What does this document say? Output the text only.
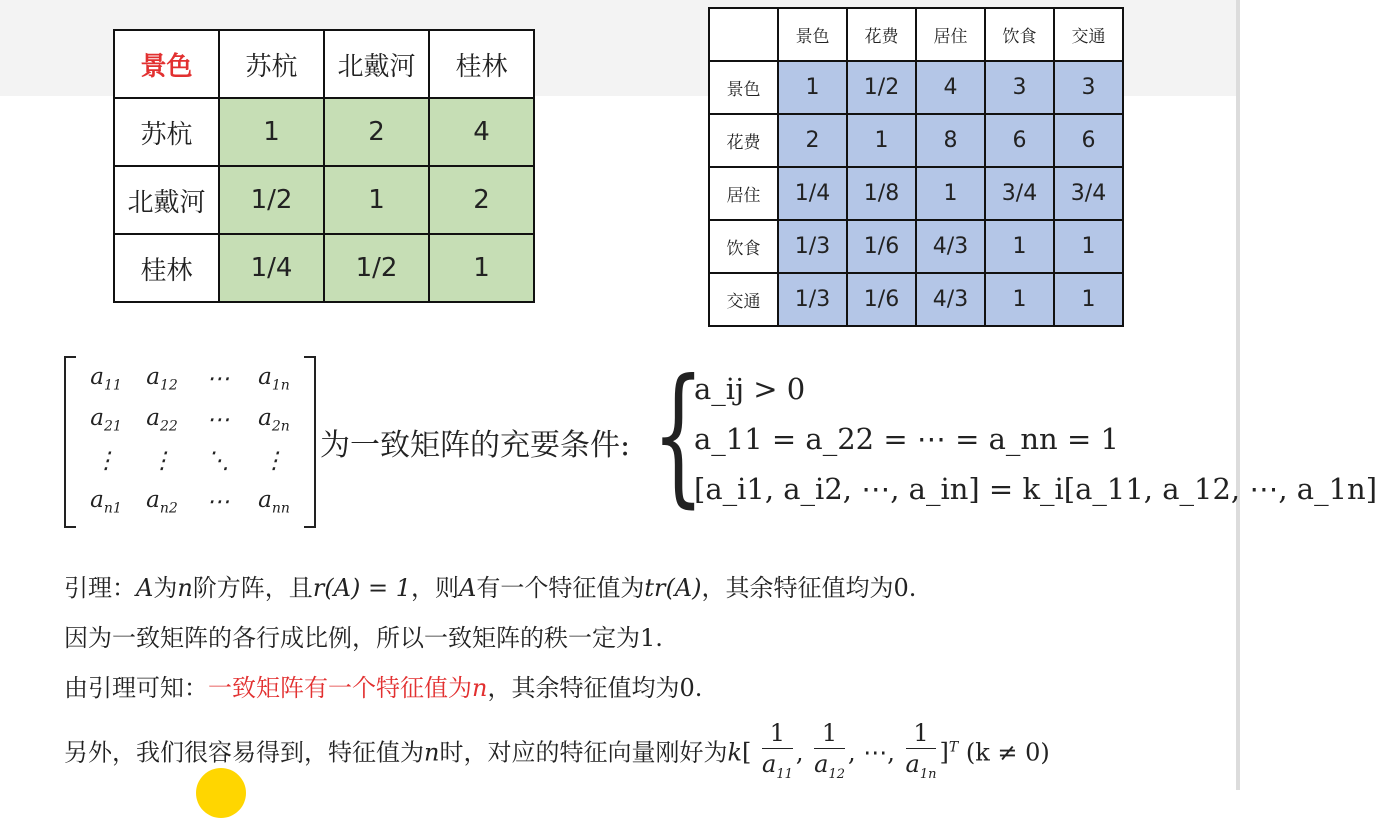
景色	苏杭	北戴河	桂林
苏杭	1	2	4
北戴河	1/2	1	2
桂林	1/4	1/2	1
	景色	花费	居住	饮食	交通
景色	1	1/2	4	3	3
花费	2	1	8	6	6
居住	1/4	1/8	1	3/4	3/4
饮食	1/3	1/6	4/3	1	1
交通	1/3	1/6	4/3	1	1
$a_{11}$ $a_{12}$ ⋯ $a_{1n}$
$a_{21}$ $a_{22}$ ⋯ $a_{2n}$
⋮ ⋮ ⋱ ⋮
$a_{n1}$ $a_{n2}$ ⋯ $a_{nn}$
为一致矩阵的充要条件: {
a_ij > 0
a_11 = a_22 = ⋯ = a_nn = 1
[a_i1, a_i2, ⋯, a_in] = k_i[a_11, a_12, ⋯, a_1n]
引理：A为n阶方阵，且r(A) = 1，则A有一个特征值为tr(A)，其余特征值均为0.
因为一致矩阵的各行成比例，所以一致矩阵的秩一定为1.
由引理可知：一致矩阵有一个特征值为n，其余特征值均为0.
另外，我们很容易得到，特征值为n时，对应的特征向量刚好为$k[ \frac{1}{a_{11}}$ , $\frac{1}{a_{12}}$ , ⋯, $\frac{1}{a_{1n}} ]^T$ (k ≠ 0)
